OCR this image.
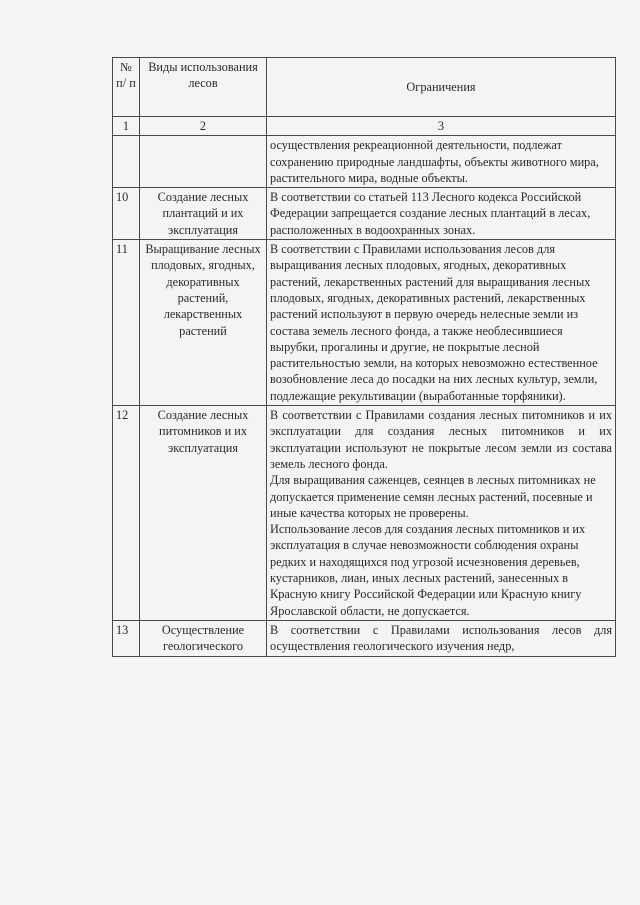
№ п/ п	Виды использования лесов	Ограничения
1	2	3

		осуществления рекреационной деятельности, подлежат сохранению природные ландшафты, объекты животного мира, растительного мира, водные объекты.

10	Создание лесных плантаций и их эксплуатация	В соответствии со статьей 113 Лесного кодекса Российской Федерации запрещается создание лесных плантаций в лесах, расположенных в водоохранных зонах.

11	Выращивание лесных плодовых, ягодных, декоративных растений, лекарственных растений	В соответствии с Правилами использования лесов для выращивания лесных плодовых, ягодных, декоративных растений, лекарственных растений для выращивания лесных плодовых, ягодных, декоративных растений, лекарственных растений используют в первую очередь нелесные земли из состава земель лесного фонда, а также необлесившиеся вырубки, прогалины и другие, не покрытые лесной растительностью земли, на которых невозможно естественное возобновление леса до посадки на них лесных культур, земли, подлежащие рекультивации (выработанные торфяники).

12	Создание лесных питомников и их эксплуатация	В соответствии с Правилами создания лесных питомников и их эксплуатации для создания лесных питомников и их эксплуатации используют не покрытые лесом земли из состава земель лесного фонда.

Для выращивания саженцев, сеянцев в лесных питомниках не допускается применение семян лесных растений, посевные и иные качества которых не проверены.

Использование лесов для создания лесных питомников и их эксплуатация в случае невозможности соблюдения охраны редких и находящихся под угрозой исчезновения деревьев, кустарников, лиан, иных лесных растений, занесенных в Красную книгу Российской Федерации или Красную книгу Ярославской области, не допускается.

13	Осуществление геологического	В соответствии с Правилами использования лесов для осуществления геологического изучения недр,
